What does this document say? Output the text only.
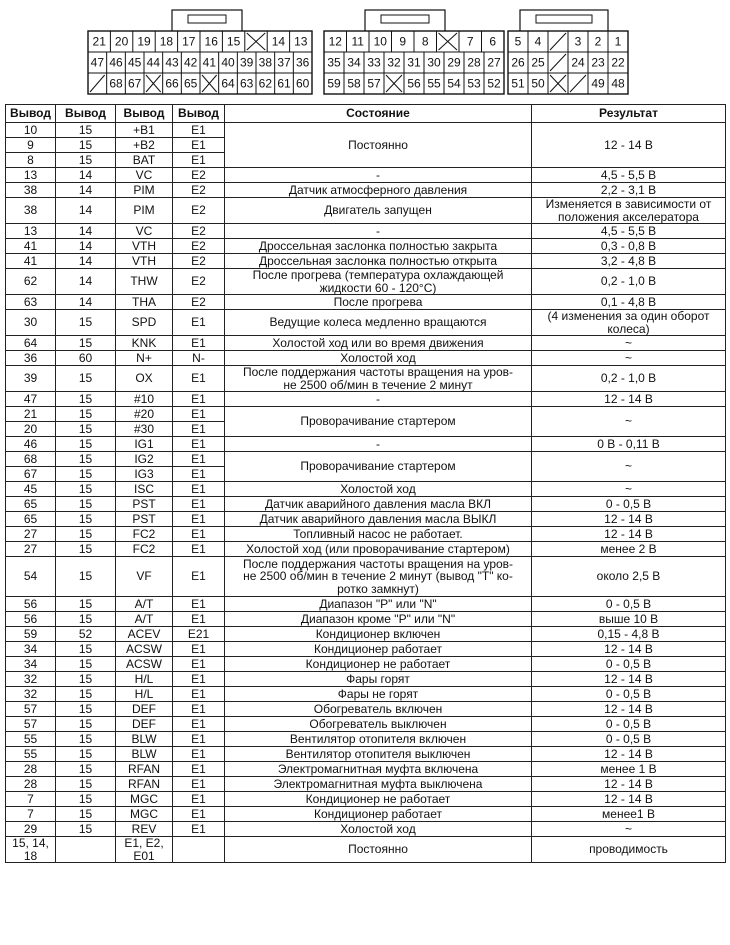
21 20 19 18 17 16 15	14 13
47 46 45 44 43 42 41 40 39 38 37 36
68 67 66 65 64 63 62 61 60
12 11 10 9 8	7 6
35 34 33 32 31 30 29 28 27
59 58 57 56 55 54 53 52
5 4	3 2 1
26 25 24 23 22
51 50	49 48
Вывод	Вывод	Вывод	Вывод	Состояние	Результат
10	15	+B1	E1	Постоянно	12 - 14 В
9	15	+B2	E1		
8	15	BAT	E1		
13	14	VC	E2	-	4,5 - 5,5 В
38	14	PIM	E2	Датчик атмосферного давления	2,2 - 3,1 В
38	14	PIM	E2	Двигатель запущен	Изменяется в зависимости от
положения акселератора
13	14	VC	E2	-	4,5 - 5,5 В
41	14	VTH	E2	Дроссельная заслонка полностью закрыта	0,3 - 0,8 В
41	14	VTH	E2	Дроссельная заслонка полностью открыта	3,2 - 4,8 В
62	14	THW	E2	После прогрева (температура охлаждающей
жидкости 60 - 120°C)	0,2 - 1,0 В
63	14	THA	E2	После прогрева	0,1 - 4,8 В
30	15	SPD	E1	Ведущие колеса медленно вращаются	(4 изменения за один оборот
колеса)
64	15	KNK	E1	Холостой ход или во время движения	~
36	60	N+	N-	Холостой ход	~
39	15	OX	E1	После поддержания частоты вращения на уров-
не 2500 об/мин в течение 2 минут	0,2 - 1,0 В
47	15	#10	E1	-	12 - 14 В
21	15	#20	E1	Проворачивание стартером	~
20	15	#30	E1		
46	15	IG1	E1	-	0 В - 0,11 В
68	15	IG2	E1	Проворачивание стартером	~
67	15	IG3	E1		
45	15	ISC	E1	Холостой ход	~
65	15	PST	E1	Датчик аварийного давления масла ВКЛ	0 - 0,5 В
65	15	PST	E1	Датчик аварийного давления масла ВЫКЛ	12 - 14 В
27	15	FC2	E1	Топливный насос не работает.	12 - 14 В
27	15	FC2	E1	Холостой ход (или проворачивание стартером)	менее 2 В
54	15	VF	E1	После поддержания частоты вращения на уров-
не 2500 об/мин в течение 2 минут (вывод "T" ко-
ротко замкнут)	около 2,5 В
56	15	A/T	E1	Диапазон "P" или "N"	0 - 0,5 В
56	15	A/T	E1	Диапазон кроме "P" или "N"	выше 10 В
59	52	ACEV	E21	Кондиционер включен	0,15 - 4,8 В
34	15	ACSW	E1	Кондиционер работает	12 - 14 В
34	15	ACSW	E1	Кондиционер не работает	0 - 0,5 В
32	15	H/L	E1	Фары горят	12 - 14 В
32	15	H/L	E1	Фары не горят	0 - 0,5 В
57	15	DEF	E1	Обогреватель включен	12 - 14 В
57	15	DEF	E1	Обогреватель выключен	0 - 0,5 В
55	15	BLW	E1	Вентилятор отопителя включен	0 - 0,5 В
55	15	BLW	E1	Вентилятор отопителя выключен	12 - 14 В
28	15	RFAN	E1	Электромагнитная муфта включена	менее 1 В
28	15	RFAN	E1	Электромагнитная муфта выключена	12 - 14 В
7	15	MGC	E1	Кондиционер не работает	12 - 14 В
7	15	MGC	E1	Кондиционер работает	менее1 В
29	15	REV	E1	Холостой ход	~
15, 14,
18		E1, E2,
E01		Постоянно	проводимость
